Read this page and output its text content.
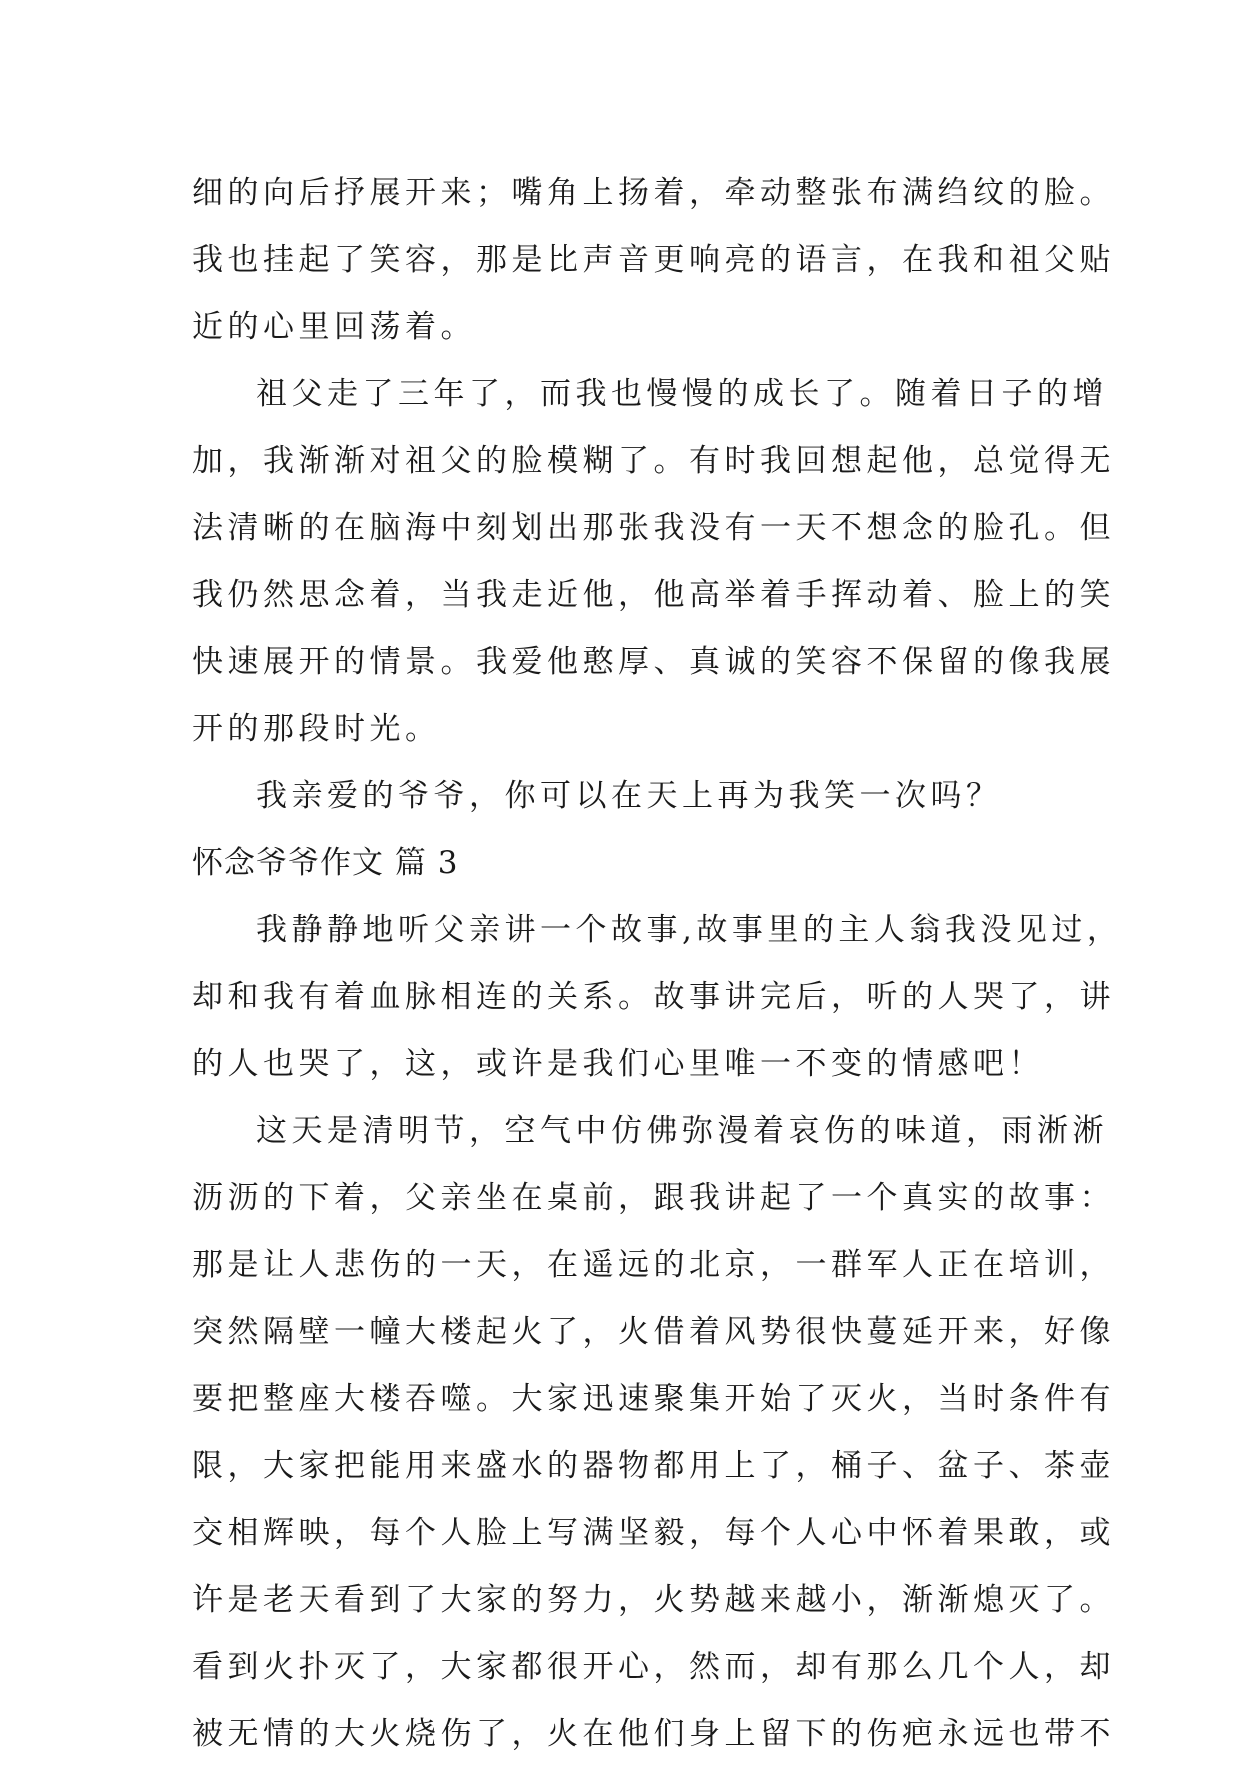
细的向后抒展开来；嘴角上扬着，牵动整张布满绉纹的脸。
我也挂起了笑容，那是比声音更响亮的语言，在我和祖父贴
近的心里回荡着。
祖父走了三年了，而我也慢慢的成长了。随着日子的增
加，我渐渐对祖父的脸模糊了。有时我回想起他，总觉得无
法清晰的在脑海中刻划出那张我没有一天不想念的脸孔。但
我仍然思念着，当我走近他，他高举着手挥动着、脸上的笑
快速展开的情景。我爱他憨厚、真诚的笑容不保留的像我展
开的那段时光。
我亲爱的爷爷，你可以在天上再为我笑一次吗？
怀念爷爷作文 篇 3
我静静地听父亲讲一个故事,故事里的主人翁我没见过，
却和我有着血脉相连的关系。故事讲完后，听的人哭了，讲
的人也哭了，这，或许是我们心里唯一不变的情感吧！
这天是清明节，空气中仿佛弥漫着哀伤的味道，雨淅淅
沥沥的下着，父亲坐在桌前，跟我讲起了一个真实的故事：
那是让人悲伤的一天，在遥远的北京，一群军人正在培训，
突然隔壁一幢大楼起火了，火借着风势很快蔓延开来，好像
要把整座大楼吞噬。大家迅速聚集开始了灭火，当时条件有
限，大家把能用来盛水的器物都用上了，桶子、盆子、茶壶
交相辉映，每个人脸上写满坚毅，每个人心中怀着果敢，或
许是老天看到了大家的努力，火势越来越小，渐渐熄灭了。
看到火扑灭了，大家都很开心，然而，却有那么几个人，却
被无情的大火烧伤了，火在他们身上留下的伤疤永远也带不
